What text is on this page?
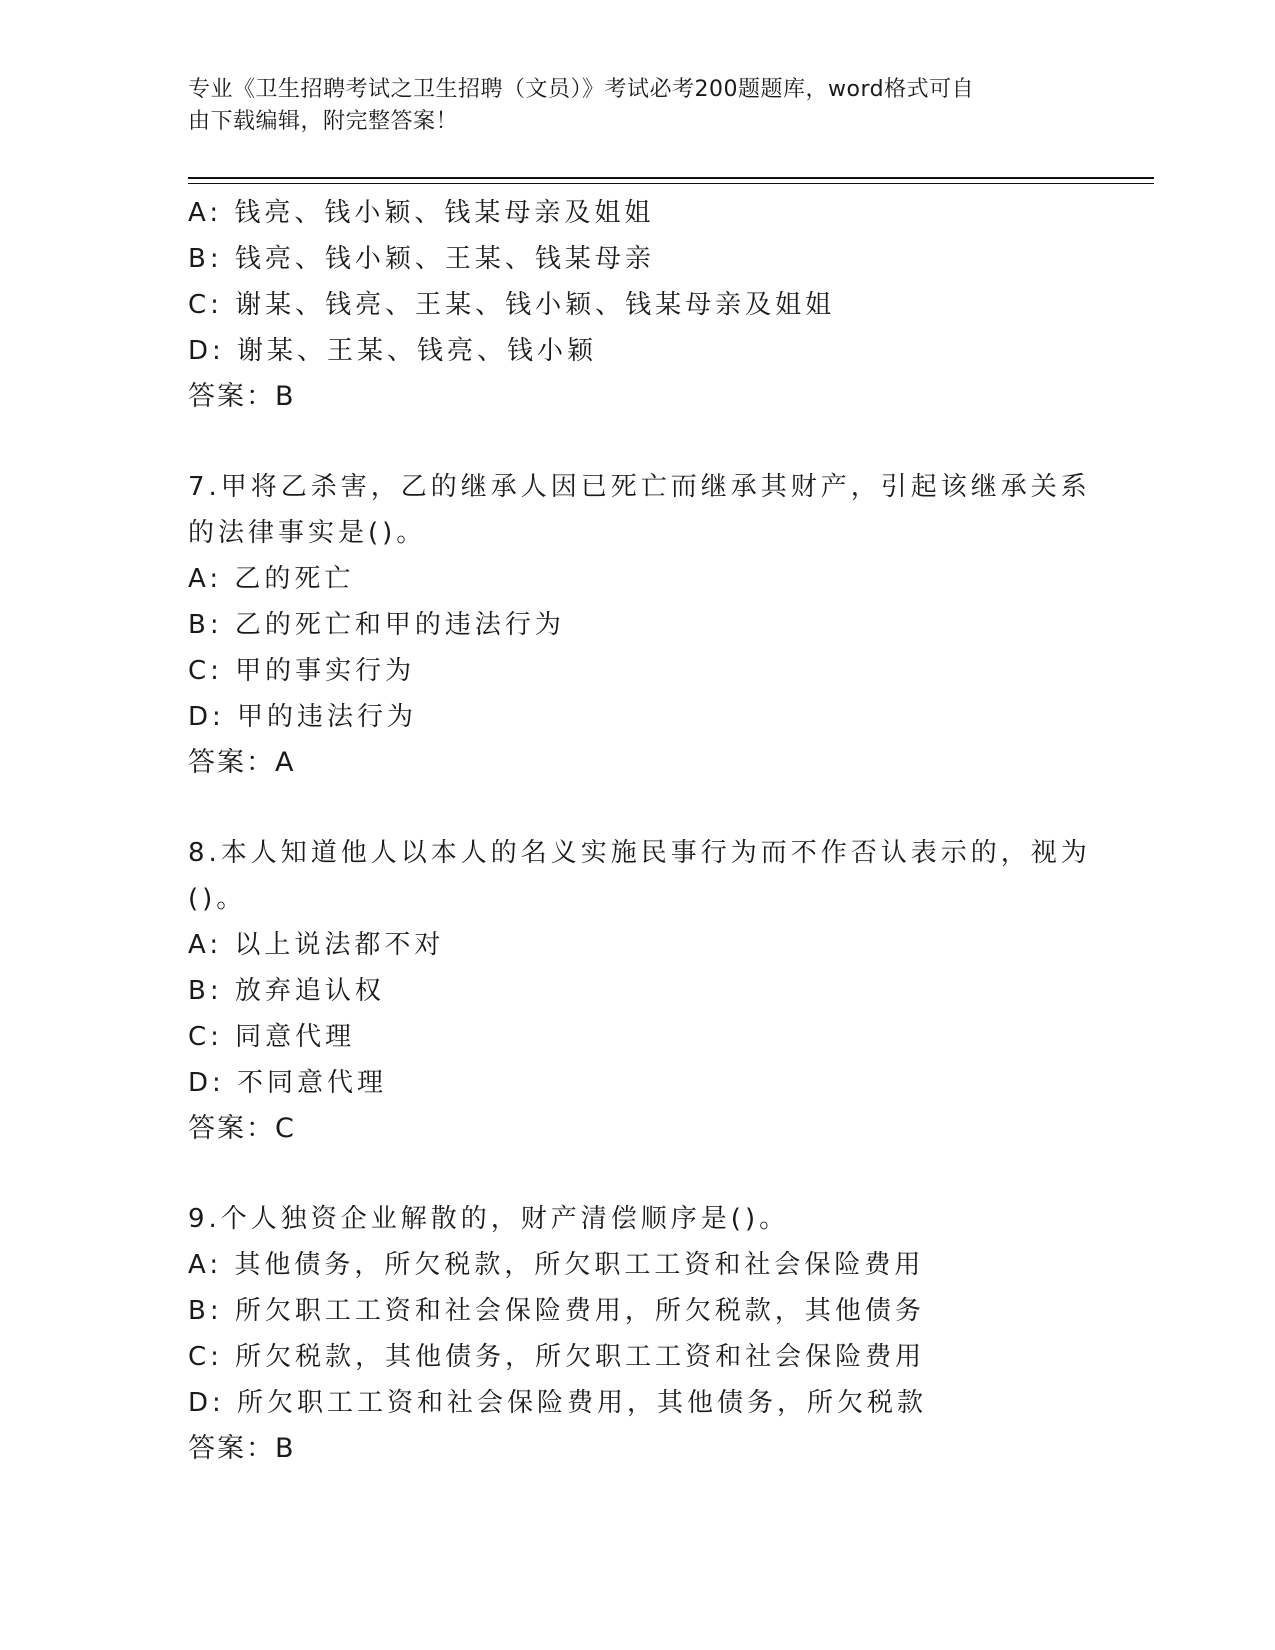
专业《卫生招聘考试之卫生招聘（文员）》考试必考200题题库，word格式可自
由下载编辑，附完整答案！
A: 钱亮、钱小颖、钱某母亲及姐姐
B: 钱亮、钱小颖、王某、钱某母亲
C: 谢某、钱亮、王某、钱小颖、钱某母亲及姐姐
D: 谢某、王某、钱亮、钱小颖
答案：B
7.甲将乙杀害，乙的继承人因已死亡而继承其财产，引起该继承关系
的法律事实是()。
A: 乙的死亡
B: 乙的死亡和甲的违法行为
C: 甲的事实行为
D: 甲的违法行为
答案：A
8.本人知道他人以本人的名义实施民事行为而不作否认表示的，视为
()。
A: 以上说法都不对
B: 放弃追认权
C: 同意代理
D: 不同意代理
答案：C
9.个人独资企业解散的，财产清偿顺序是()。
A: 其他债务，所欠税款，所欠职工工资和社会保险费用
B: 所欠职工工资和社会保险费用，所欠税款，其他债务
C: 所欠税款，其他债务，所欠职工工资和社会保险费用
D: 所欠职工工资和社会保险费用，其他债务，所欠税款
答案：B
